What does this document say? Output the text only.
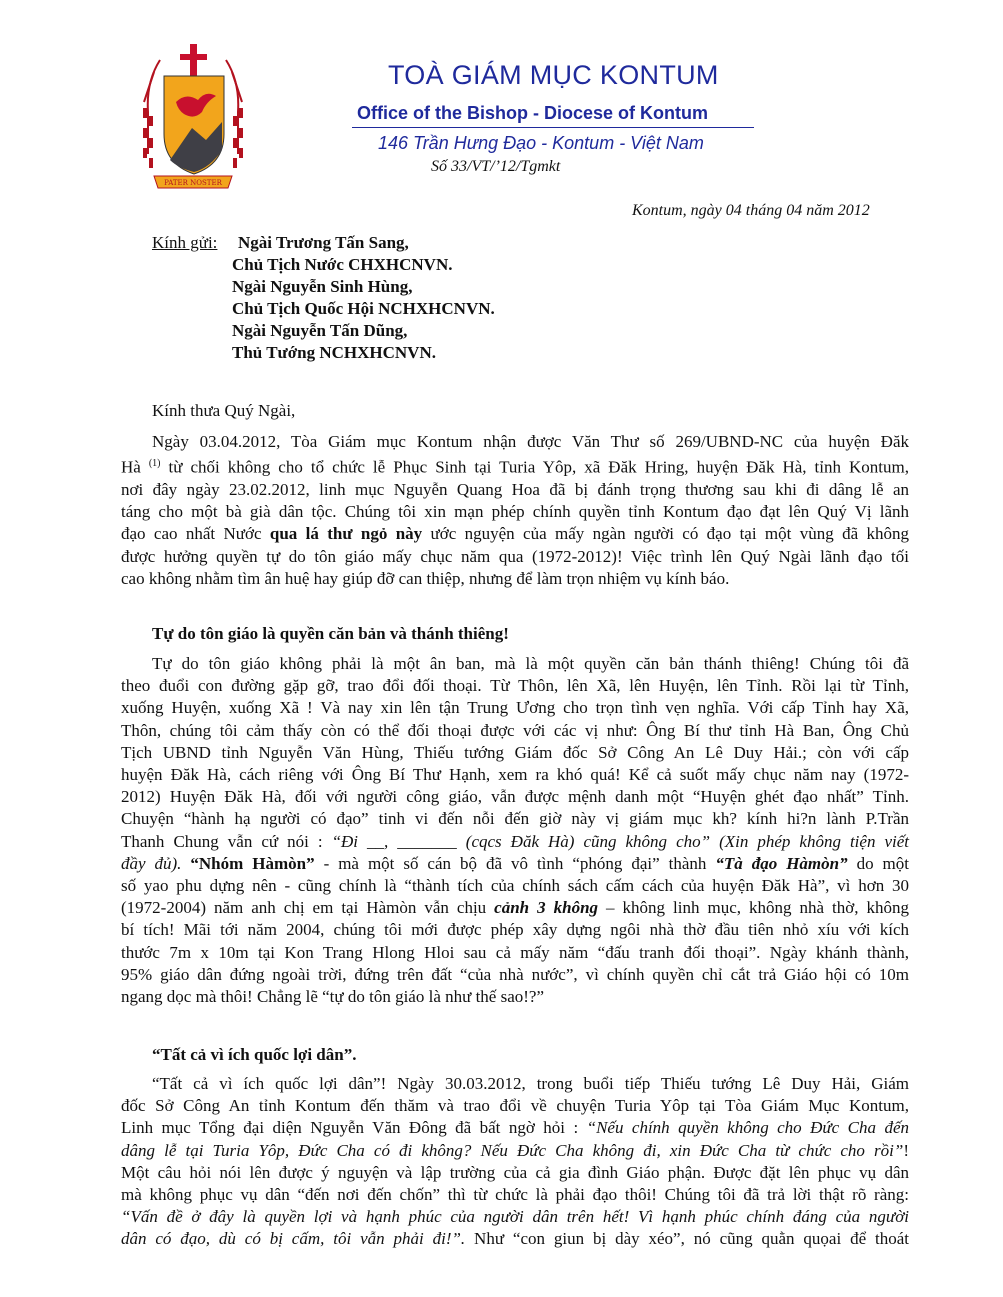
PATER NOSTER
TOÀ GIÁM MỤC KONTUM
Office of the Bishop - Diocese of Kontum
146 Trần Hưng Đạo - Kontum - Việt Nam
Số 33/VT/’12/Tgmkt
Kontum, ngày 04 tháng 04 năm 2012
Kính gửi: Ngài Trương Tấn Sang,
Chủ Tịch Nước CHXHCNVN.
Ngài Nguyễn Sinh Hùng,
Chủ Tịch Quốc Hội NCHXHCNVN.
Ngài Nguyễn Tấn Dũng,
Thủ Tướng NCHXHCNVN.
Kính thưa Quý Ngài,
Ngày 03.04.2012, Tòa Giám mục Kontum nhận được Văn Thư số 269/UBND-NC của huyện Đăk
Hà $^{(1)}$ từ chối không cho tổ chức lễ Phục Sinh tại Turia Yôp, xã Đăk Hring, huyện Đăk Hà, tỉnh Kontum,
nơi đây ngày 23.02.2012, linh mục Nguyễn Quang Hoa đã bị đánh trọng thương sau khi đi dâng lễ an
táng cho một bà già dân tộc. Chúng tôi xin mạn phép chính quyền tỉnh Kontum đạo đạt lên Quý Vị lãnh
đạo cao nhất Nước qua lá thư ngỏ này ước nguyện của mấy ngàn người có đạo tại một vùng đã không
được hưởng quyền tự do tôn giáo mấy chục năm qua (1972-2012)! Việc trình lên Quý Ngài lãnh đạo tối
cao không nhằm tìm ân huệ hay giúp đỡ can thiệp, nhưng để làm trọn nhiệm vụ kính báo.
Tự do tôn giáo là quyền căn bản và thánh thiêng!
Tự do tôn giáo không phải là một ân ban, mà là một quyền căn bản thánh thiêng! Chúng tôi đã
theo đuổi con đường gặp gỡ, trao đổi đối thoại. Từ Thôn, lên Xã, lên Huyện, lên Tỉnh. Rồi lại từ Tỉnh,
xuống Huyện, xuống Xã ! Và nay xin lên tận Trung Ương cho trọn tình vẹn nghĩa. Với cấp Tỉnh hay Xã,
Thôn, chúng tôi cảm thấy còn có thể đối thoại được với các vị như: Ông Bí thư tỉnh Hà Ban, Ông Chủ
Tịch UBND tỉnh Nguyễn Văn Hùng, Thiếu tướng Giám đốc Sở Công An Lê Duy Hải.; còn với cấp
huyện Đăk Hà, cách riêng với Ông Bí Thư Hạnh, xem ra khó quá! Kể cả suốt mấy chục năm nay (1972-
2012) Huyện Đăk Hà, đối với người công giáo, vẫn được mệnh danh một “Huyện ghét đạo nhất” Tỉnh.
Chuyện “hành hạ người có đạo” tinh vi đến nỗi đến giờ này vị giám mục kh? kính hi?n lành P.Trần
Thanh Chung vẫn cứ nói : “Đi __, _______ (cqcs Đăk Hà) cũng không cho” (Xin phép không tiện viết
đầy đủ). “Nhóm Hàmòn” - mà một số cán bộ đã vô tình “phóng đại” thành “Tà đạo Hàmòn” do một
số yao phu dựng nên - cũng chính là “thành tích của chính sách cấm cách của huyện Đăk Hà”, vì hơn 30
(1972-2004) năm anh chị em tại Hàmòn vẫn chịu cảnh 3 không – không linh mục, không nhà thờ, không
bí tích! Mãi tới năm 2004, chúng tôi mới được phép xây dựng ngôi nhà thờ đầu tiên nhỏ xíu với kích
thước 7m x 10m tại Kon Trang Hlong Hloi sau cả mấy năm “đấu tranh đối thoại”. Ngày khánh thành,
95% giáo dân đứng ngoài trời, đứng trên đất “của nhà nước”, vì chính quyền chỉ cắt trả Giáo hội có 10m
ngang dọc mà thôi! Chẳng lẽ “tự do tôn giáo là như thế sao!?”
“Tất cả vì ích quốc lợi dân”.
“Tất cả vì ích quốc lợi dân”! Ngày 30.03.2012, trong buổi tiếp Thiếu tướng Lê Duy Hải, Giám
đốc Sở Công An tỉnh Kontum đến thăm và trao đổi về chuyện Turia Yôp tại Tòa Giám Mục Kontum,
Linh mục Tổng đại diện Nguyễn Văn Đông đã bất ngờ hỏi : “Nếu chính quyền không cho Đức Cha đến
dâng lễ tại Turia Yôp, Đức Cha có đi không? Nếu Đức Cha không đi, xin Đức Cha từ chức cho rồi”!
Một câu hỏi nói lên được ý nguyện và lập trường của cả gia đình Giáo phận. Được đặt lên phục vụ dân
mà không phục vụ dân “đến nơi đến chốn” thì từ chức là phải đạo thôi! Chúng tôi đã trả lời thật rõ ràng:
“Vấn đề ở đây là quyền lợi và hạnh phúc của người dân trên hết! Vì hạnh phúc chính đáng của người
dân có đạo, dù có bị cấm, tôi vẫn phải đi!”. Như “con giun bị dày xéo”, nó cũng quằn quọai để thoát
